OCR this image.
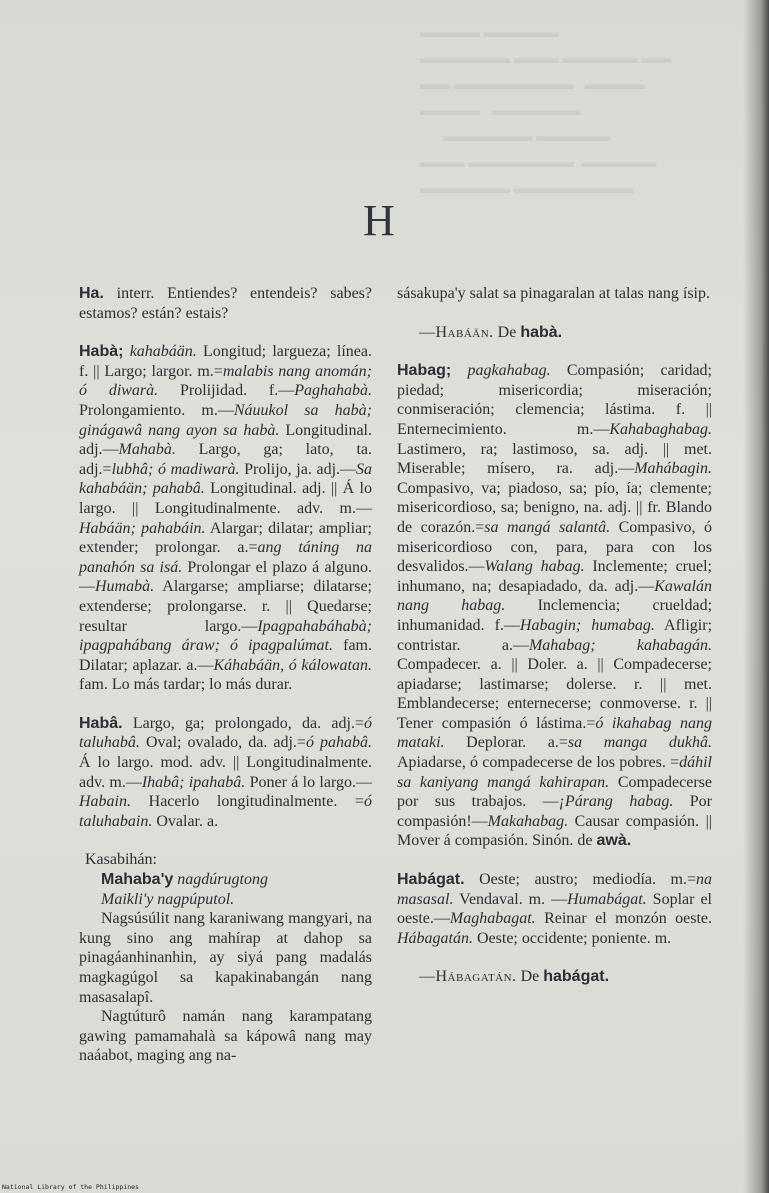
▬▬▬▬ ▬▬▬▬▬
▬▬▬▬▬▬ ▬▬▬ ▬▬▬▬▬ ▬▬
▬▬ ▬▬▬▬▬▬▬▬   ▬▬▬▬
▬▬▬▬   ▬▬▬▬▬▬
▬▬▬▬▬▬ ▬▬▬▬▬
▬▬▬ ▬▬▬▬▬▬▬  ▬▬▬▬▬
▬▬▬▬▬▬ ▬▬▬▬▬▬▬▬
H

Ha. interr. Entiendes? entendeis? sabes? estamos? están? estais?

Habà; kahabáän. Longitud; largueza; línea. f. || Largo; largor. m.=malabis nang anomán; ó diwarà. Prolijidad. f.—Paghahabà. Prolongamiento. m.—Náuukol sa habà; ginágawâ nang ayon sa habà. Longitudinal. adj.—Mahabà. Largo, ga; lato, ta. adj.=lubhâ; ó madiwarà. Prolijo, ja. adj.—Sa kahabáän; pahabâ. Longitudinal. adj. || Á lo largo. || Longitudinalmente. adv. m.—Habáän; pahabáin. Alargar; dilatar; ampliar; extender; prolongar. a.=ang táning na panahón sa isá. Prolongar el plazo á alguno.—Humabà. Alargarse; ampliarse; dilatarse; extenderse; prolongarse. r. || Quedarse; resultar largo.—Ipagpahabáhabà; ipagpahábang áraw; ó ipagpalúmat. fam. Dilatar; aplazar. a.—Káhabáän, ó kálowatan. fam. Lo más tardar; lo más durar.

Habâ. Largo, ga; prolongado, da. adj.=ó taluhabâ. Oval; ovalado, da. adj.=ó pahabâ. Á lo largo. mod. adv. || Longitudinalmente. adv. m.—Ihabâ; ipahabâ. Poner á lo largo.—Habain. Hacerlo longitudinalmente. =ó taluhabain. Ovalar. a.

Kasabihán:

Mahaba'y nagdúrugtong

Maikli'y nagpúputol.

Nagsúsúlit nang karaniwang mangyari, na kung sino ang mahírap at dahop sa pinagáanhinanhin, ay siyá pang madalás magkagúgol sa kapakinabangán nang masasalapî.

Nagtúturô namán nang karampatang gawing pamamahalà sa kápowâ nang may naáabot, maging ang na-

sásakupa'y salat sa pinagaralan at talas nang ísip.

—Habáän. De habà.

Habag; pagkahabag. Compasión; caridad; piedad; misericordia; miseración; conmiseración; clemencia; lástima. f. || Enternecimiento. m.—Kahabaghabag. Lastimero, ra; lastimoso, sa. adj. || met. Miserable; mísero, ra. adj.—Mahábagin. Compasivo, va; piadoso, sa; pío, ía; clemente; misericordioso, sa; benigno, na. adj. || fr. Blando de corazón.=sa mangá salantâ. Compasivo, ó misericordioso con, para, para con los desvalidos.—Walang habag. Inclemente; cruel; inhumano, na; desapiadado, da. adj.—Kawalán nang habag. Inclemencia; crueldad; inhumanidad. f.—Habagin; humabag. Afligir; contristar. a.—Mahabag; kahabagán. Compadecer. a. || Doler. a. || Compadecerse; apiadarse; lastimarse; dolerse. r. || met. Emblandecerse; enternecerse; conmoverse. r. || Tener compasión ó lástima.=ó ikahabag nang mataki. Deplorar. a.=sa manga dukhâ. Apiadarse, ó compadecerse de los pobres. =dáhil sa kaniyang mangá kahirapan. Compadecerse por sus trabajos. —¡Párang habag. Por compasión!—Makahabag. Causar compasión. || Mover á compasión. Sinón. de awà.

Habágat. Oeste; austro; mediodía. m.=na masasal. Vendaval. m. —Humabágat. Soplar el oeste.—Maghabagat. Reinar el monzón oeste. Hábagatán. Oeste; occidente; poniente. m.

—Hábagatán. De habágat.

National Library of the Philippines
